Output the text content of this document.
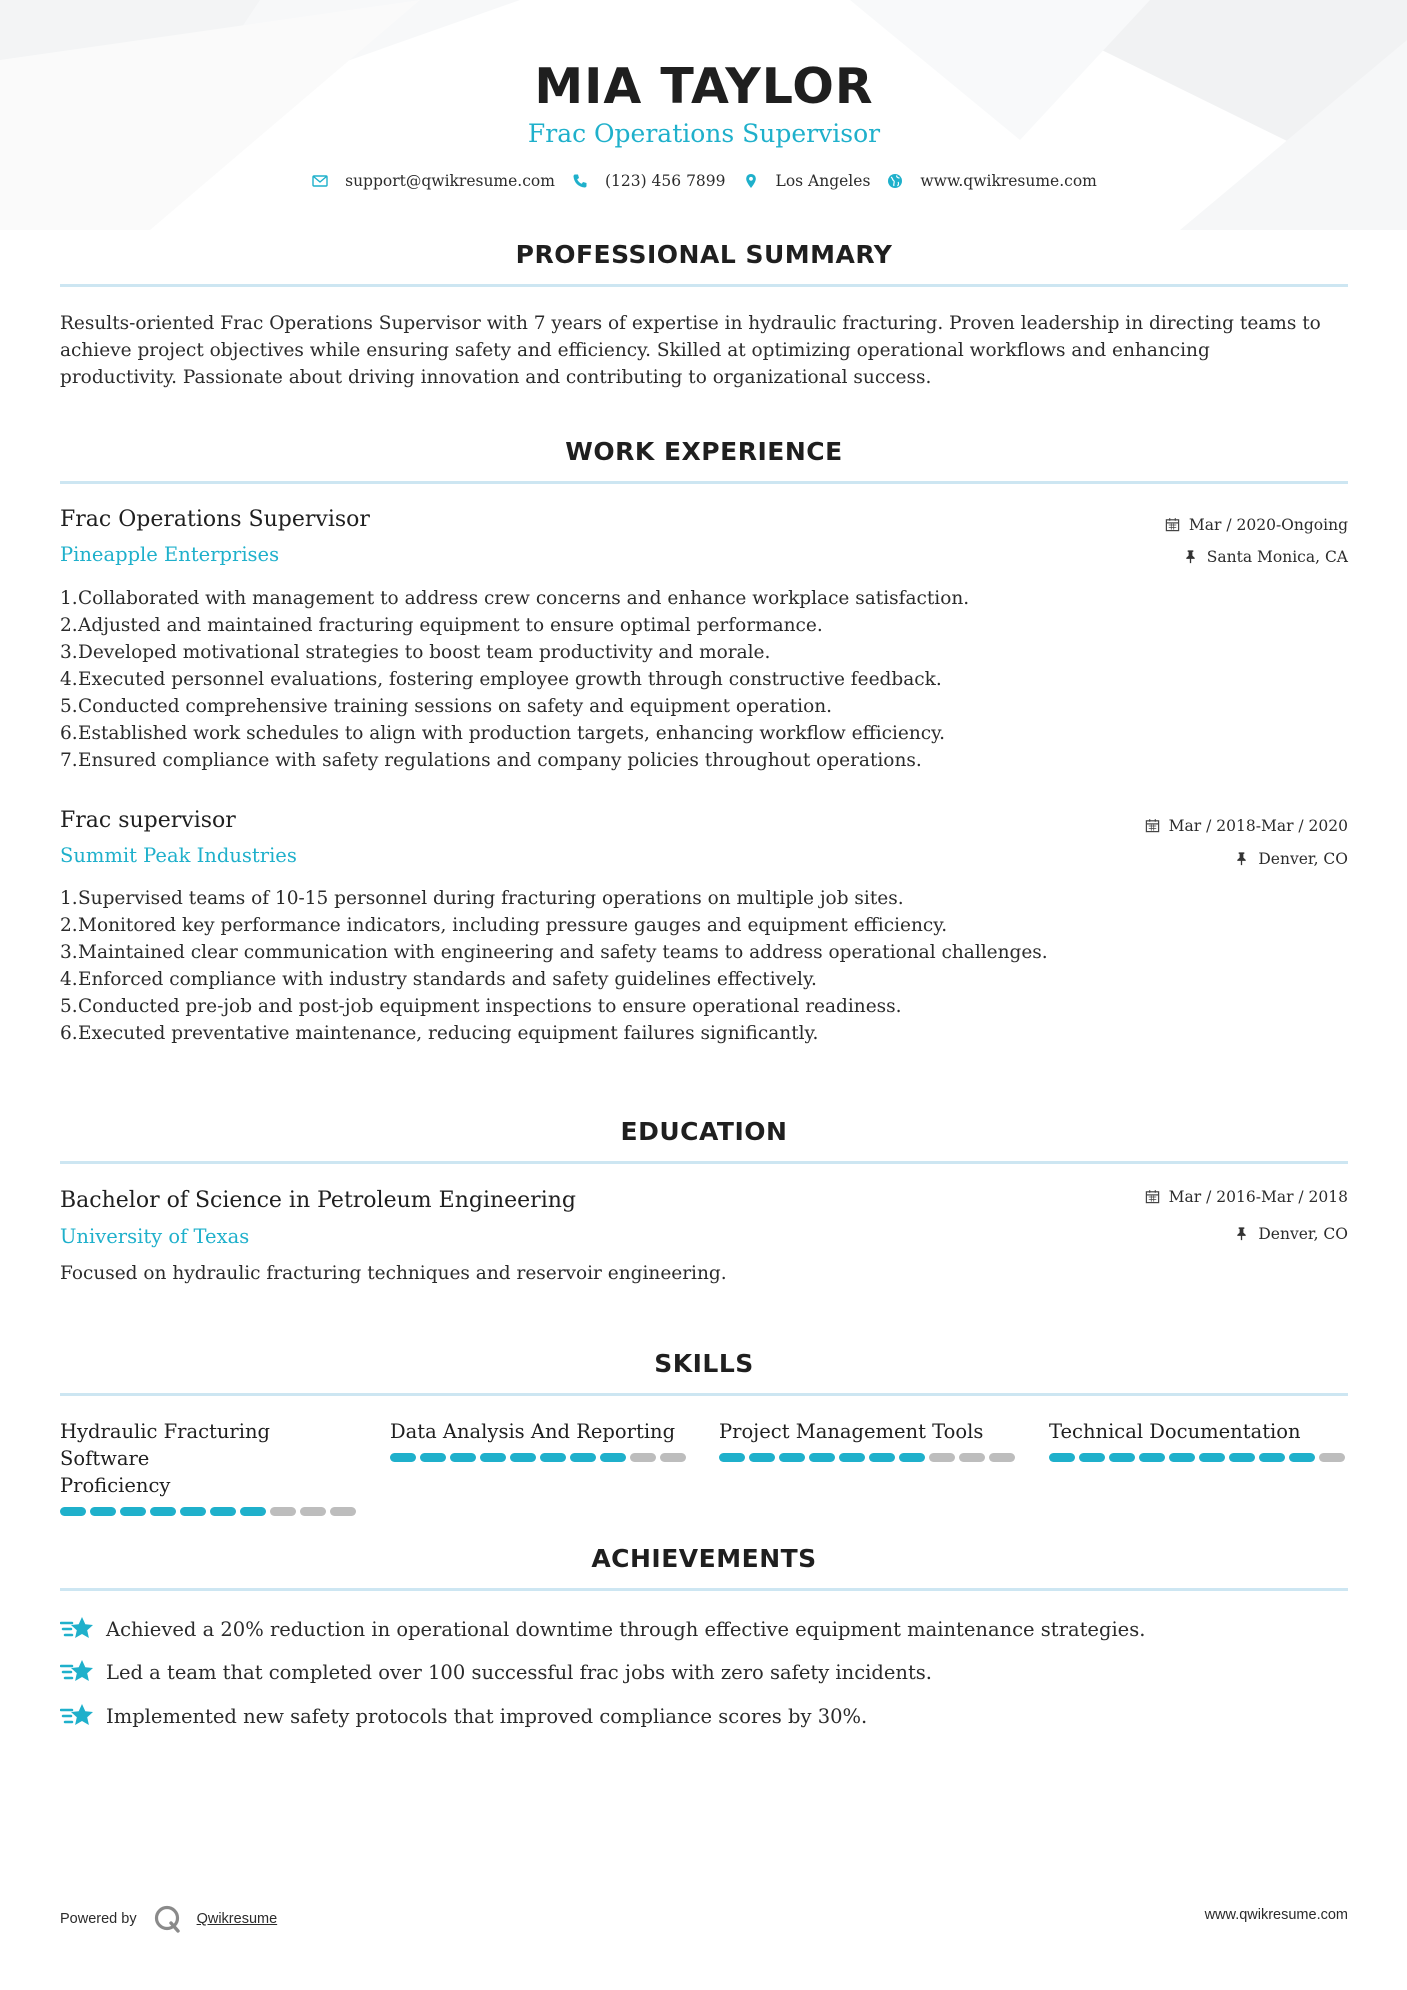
MIA TAYLOR
Frac Operations Supervisor
support@qwikresume.com	(123) 456 7899	Los Angeles	www.qwikresume.com
PROFESSIONAL SUMMARY
Results-oriented Frac Operations Supervisor with 7 years of expertise in hydraulic fracturing. Proven leadership in directing teams to
achieve project objectives while ensuring safety and efficiency. Skilled at optimizing operational workflows and enhancing
productivity. Passionate about driving innovation and contributing to organizational success.
WORK EXPERIENCE
Frac Operations Supervisor
Pineapple Enterprises
Mar / 2020-Ongoing
Santa Monica, CA
1. Collaborated with management to address crew concerns and enhance workplace satisfaction.
2. Adjusted and maintained fracturing equipment to ensure optimal performance.
3. Developed motivational strategies to boost team productivity and morale.
4. Executed personnel evaluations, fostering employee growth through constructive feedback.
5. Conducted comprehensive training sessions on safety and equipment operation.
6. Established work schedules to align with production targets, enhancing workflow efficiency.
7. Ensured compliance with safety regulations and company policies throughout operations.
Frac supervisor
Summit Peak Industries
Mar / 2018-Mar / 2020
Denver, CO
1. Supervised teams of 10-15 personnel during fracturing operations on multiple job sites.
2. Monitored key performance indicators, including pressure gauges and equipment efficiency.
3. Maintained clear communication with engineering and safety teams to address operational challenges.
4. Enforced compliance with industry standards and safety guidelines effectively.
5. Conducted pre-job and post-job equipment inspections to ensure operational readiness.
6. Executed preventative maintenance, reducing equipment failures significantly.
EDUCATION
Bachelor of Science in Petroleum Engineering
University of Texas
Mar / 2016-Mar / 2018
Denver, CO
Focused on hydraulic fracturing techniques and reservoir engineering.
SKILLS
Hydraulic Fracturing Software
Proficiency
Data Analysis And Reporting	Project Management Tools	Technical Documentation
ACHIEVEMENTS
Achieved a 20% reduction in operational downtime through effective equipment maintenance strategies.
Led a team that completed over 100 successful frac jobs with zero safety incidents.
Implemented new safety protocols that improved compliance scores by 30%.
Powered by	Qwikresume	www.qwikresume.com
